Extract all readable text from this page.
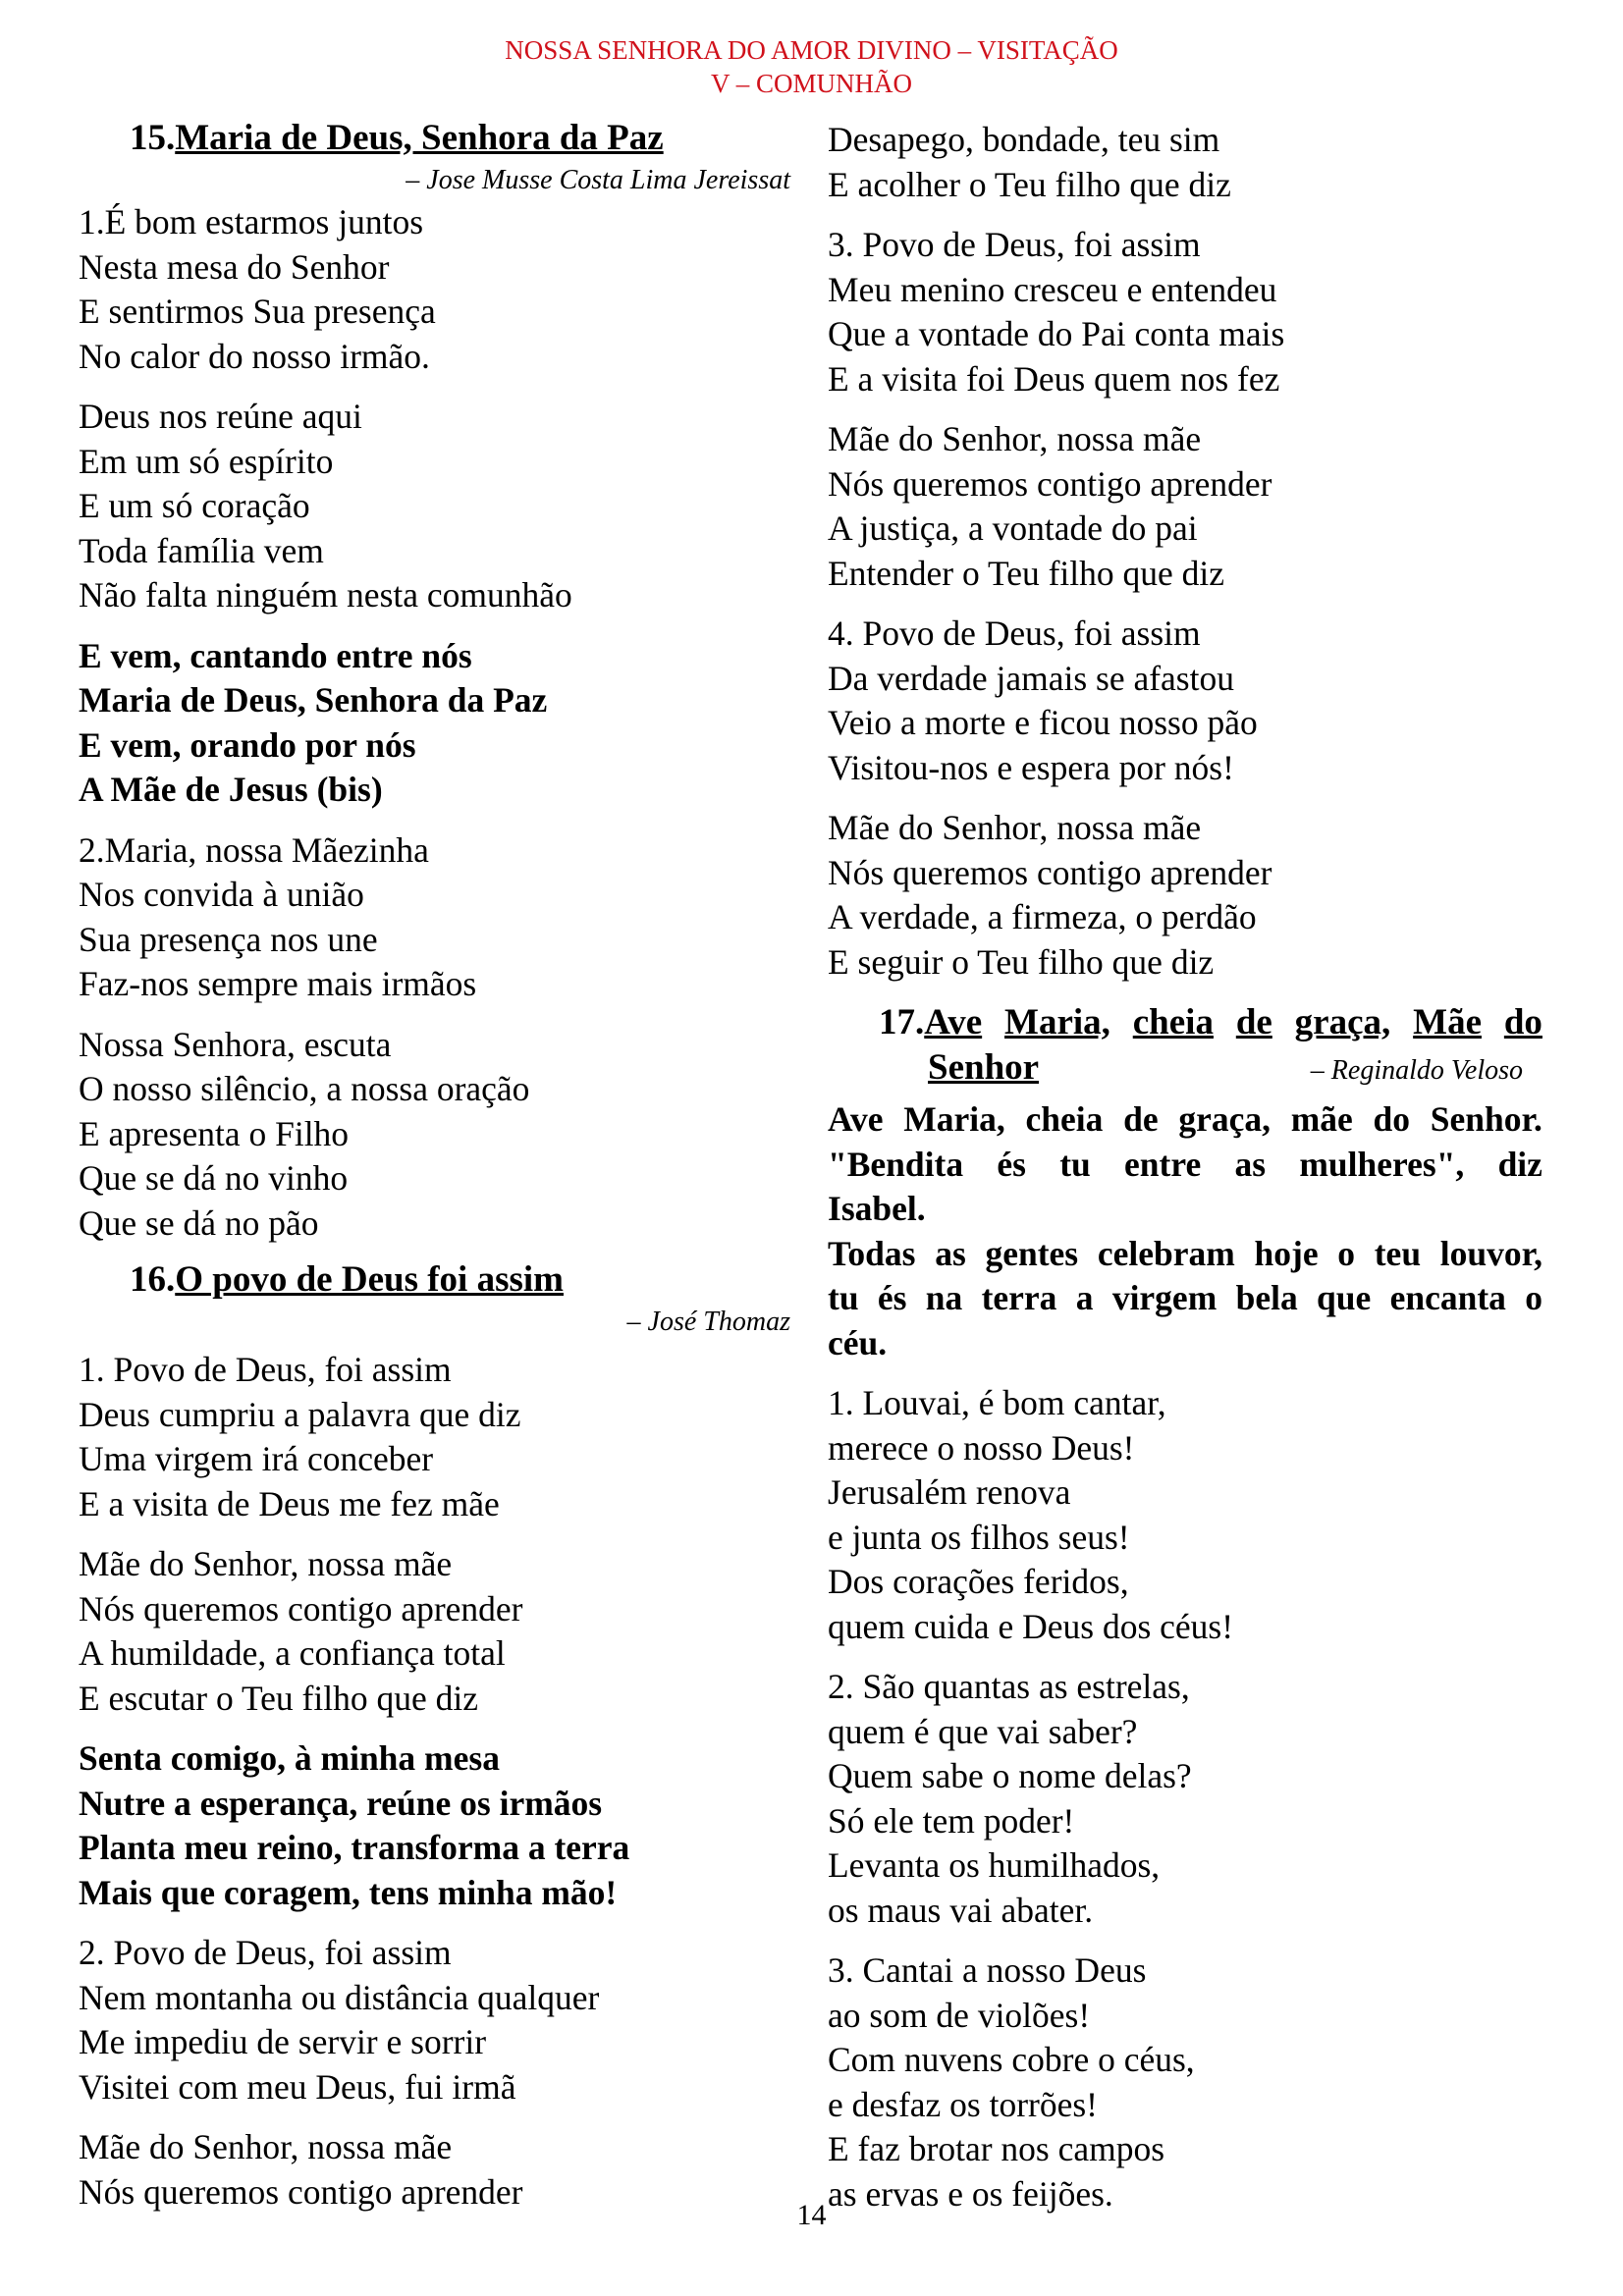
NOSSA SENHORA DO AMOR DIVINO – VISITAÇÃO
V – COMUNHÃO
15.Maria de Deus, Senhora da Paz
– Jose Musse Costa Lima Jereissat
1.É bom estarmos juntos
Nesta mesa do Senhor
E sentirmos Sua presença
No calor do nosso irmão.
Deus nos reúne aqui
Em um só espírito
E um só coração
Toda família vem
Não falta ninguém nesta comunhão
E vem, cantando entre nós
Maria de Deus, Senhora da Paz
E vem, orando por nós
A Mãe de Jesus (bis)
2.Maria, nossa Mãezinha
Nos convida à união
Sua presença nos une
Faz-nos sempre mais irmãos
Nossa Senhora, escuta
O nosso silêncio, a nossa oração
E apresenta o Filho
Que se dá no vinho
Que se dá no pão
16.O povo de Deus foi assim
– José Thomaz
1. Povo de Deus, foi assim
Deus cumpriu a palavra que diz
Uma virgem irá conceber
E a visita de Deus me fez mãe
Mãe do Senhor, nossa mãe
Nós queremos contigo aprender
A humildade, a confiança total
E escutar o Teu filho que diz
Senta comigo, à minha mesa
Nutre a esperança, reúne os irmãos
Planta meu reino, transforma a terra
Mais que coragem, tens minha mão!
2. Povo de Deus, foi assim
Nem montanha ou distância qualquer
Me impediu de servir e sorrir
Visitei com meu Deus, fui irmã
Mãe do Senhor, nossa mãe
Nós queremos contigo aprender
Desapego, bondade, teu sim
E acolher o Teu filho que diz
3. Povo de Deus, foi assim
Meu menino cresceu e entendeu
Que a vontade do Pai conta mais
E a visita foi Deus quem nos fez
Mãe do Senhor, nossa mãe
Nós queremos contigo aprender
A justiça, a vontade do pai
Entender o Teu filho que diz
4. Povo de Deus, foi assim
Da verdade jamais se afastou
Veio a morte e ficou nosso pão
Visitou-nos e espera por nós!
Mãe do Senhor, nossa mãe
Nós queremos contigo aprender
A verdade, a firmeza, o perdão
E seguir o Teu filho que diz
17. Ave Maria, cheia de graça, Mãe do
Senhor	– Reginaldo Veloso
Ave Maria, cheia de graça, mãe do Senhor.
"Bendita és tu entre as mulheres", diz
Isabel.
Todas as gentes celebram hoje o teu louvor,
tu és na terra a virgem bela que encanta o
céu.
1. Louvai, é bom cantar,
merece o nosso Deus!
Jerusalém renova
e junta os filhos seus!
Dos corações feridos,
quem cuida e Deus dos céus!
2. São quantas as estrelas,
quem é que vai saber?
Quem sabe o nome delas?
Só ele tem poder!
Levanta os humilhados,
os maus vai abater.
3. Cantai a nosso Deus
ao som de violões!
Com nuvens cobre o céus,
e desfaz os torrões!
E faz brotar nos campos
as ervas e os feijões.
14
